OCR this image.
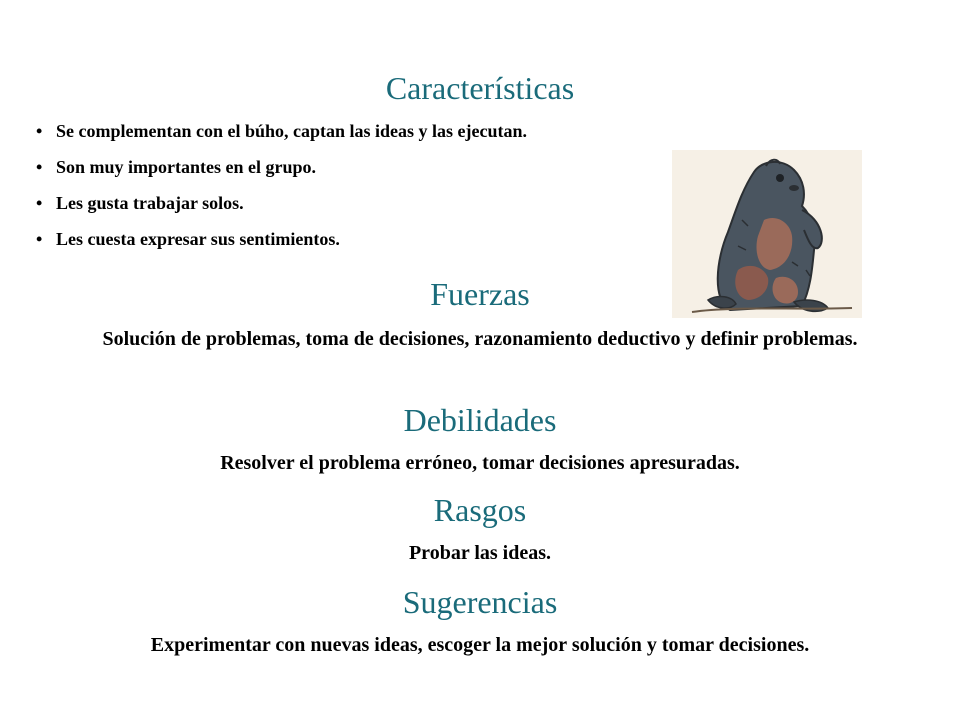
Características
• Se complementan con el búho, captan las ideas y las ejecutan.
• Son muy importantes en el grupo.
• Les gusta trabajar solos.
• Les cuesta expresar sus sentimientos.
Fuerzas

Solución de problemas, toma de decisiones, razonamiento deductivo y definir problemas.

Debilidades

Resolver el problema erróneo, tomar decisiones apresuradas.

Rasgos

Probar las ideas.

Sugerencias

Experimentar con nuevas ideas, escoger la mejor solución y tomar decisiones.
